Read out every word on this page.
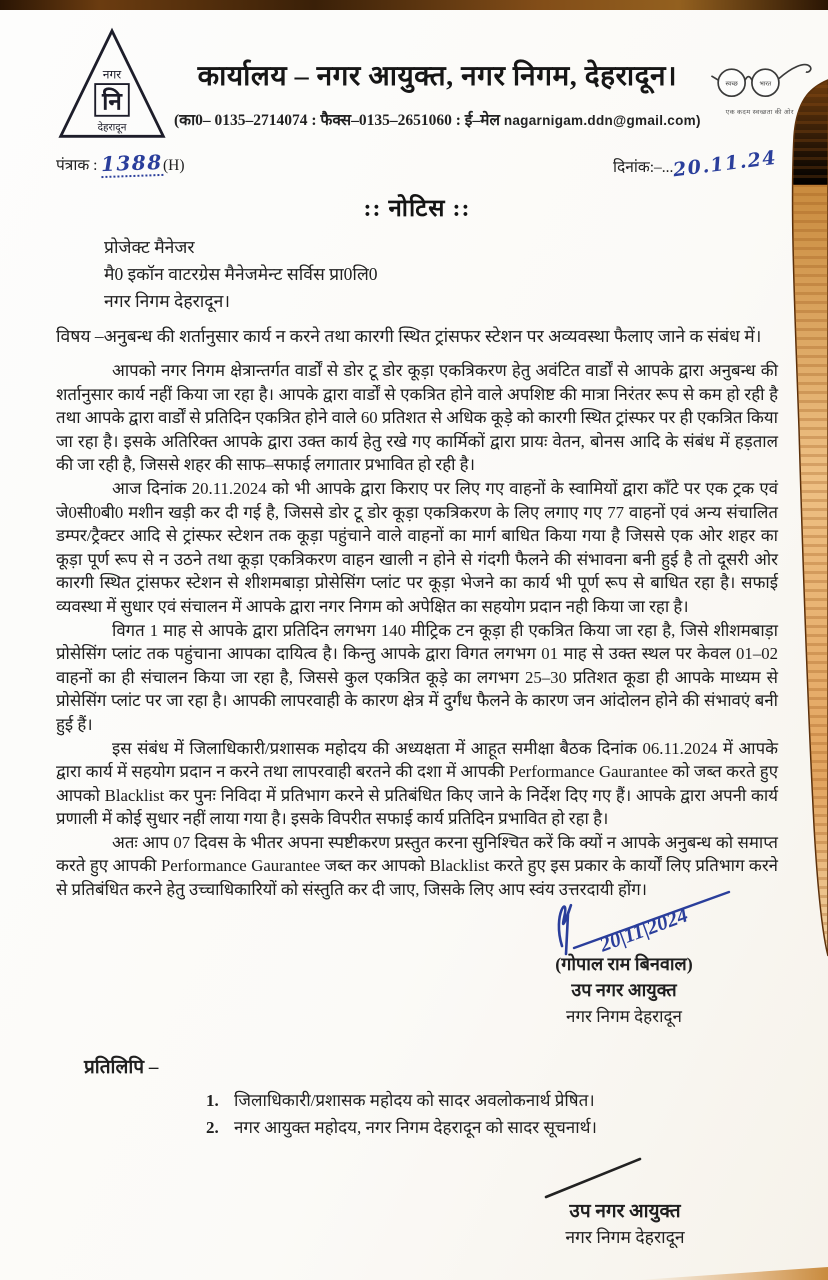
नगर
नि
देहरादून
कार्यालय – नगर आयुक्त, नगर निगम, देहरादून।
(का0– 0135–2714074 : फैक्स–0135–2651060 : ई–मेल nagarnigam.ddn@gmail.com)
स्वच्छ भारत
एक कदम स्वच्छता की ओर
पंत्राक : 1388(H)	दिनांक:–...20.11.24
:: नोटिस ::
प्रोजेक्ट मैनेजर
मै0 इकॉन वाटरग्रेस मैनेजमेन्ट सर्विस प्रा0लि0
नगर निगम देहरादून।
विषय –अनुबन्ध की शर्तानुसार कार्य न करने तथा कारगी स्थित ट्रांसफर स्टेशन पर अव्यवस्था फैलाए जाने क संबंध में।

आपको नगर निगम क्षेत्रान्तर्गत वार्डों से डोर टू डोर कूड़ा एकत्रिकरण हेतु अवंटित वार्डों से आपके द्वारा अनुबन्ध की शर्तानुसार कार्य नहीं किया जा रहा है। आपके द्वारा वार्डों से एकत्रित होने वाले अपशिष्ट की मात्रा निरंतर रूप से कम हो रही है तथा आपके द्वारा वार्डों से प्रतिदिन एकत्रित होने वाले 60 प्रतिशत से अधिक कूड़े को कारगी स्थित ट्रांस्फर पर ही एकत्रित किया जा रहा है। इसके अतिरिक्त आपके द्वारा उक्त कार्य हेतु रखे गए कार्मिकों द्वारा प्रायः वेतन, बोनस आदि के संबंध में हड़ताल की जा रही है, जिससे शहर की साफ–सफाई लगातार प्रभावित हो रही है।

आज दिनांक 20.11.2024 को भी आपके द्वारा किराए पर लिए गए वाहनों के स्वामियों द्वारा काँटे पर एक ट्रक एवं जे0सी0बी0 मशीन खड़ी कर दी गई है, जिससे डोर टू डोर कूड़ा एकत्रिकरण के लिए लगाए गए 77 वाहनों एवं अन्य संचालित डम्पर/ट्रैक्टर आदि से ट्रांस्फर स्टेशन तक कूड़ा पहुंचाने वाले वाहनों का मार्ग बाधित किया गया है जिससे एक ओर शहर का कूड़ा पूर्ण रूप से न उठने तथा कूड़ा एकत्रिकरण वाहन खाली न होने से गंदगी फैलने की संभावना बनी हुई है तो दूसरी ओर कारगी स्थित ट्रांसफर स्टेशन से शीशमबाड़ा प्रोसेसिंग प्लांट पर कूड़ा भेजने का कार्य भी पूर्ण रूप से बाधित रहा है। सफाई व्यवस्था में सुधार एवं संचालन में आपके द्वारा नगर निगम को अपेक्षित का सहयोग प्रदान नही किया जा रहा है।

विगत 1 माह से आपके द्वारा प्रतिदिन लगभग 140 मीट्रिक टन कूड़ा ही एकत्रित किया जा रहा है, जिसे शीशमबाड़ा प्रोसेसिंग प्लांट तक पहुंचाना आपका दायित्व है। किन्तु आपके द्वारा विगत लगभग 01 माह से उक्त स्थल पर केवल 01–02 वाहनों का ही संचालन किया जा रहा है, जिससे कुल एकत्रित कूड़े का लगभग 25–30 प्रतिशत कूडा ही आपके माध्यम से प्रोसेसिंग प्लांट पर जा रहा है। आपकी लापरवाही के कारण क्षेत्र में दुर्गंध फैलने के कारण जन आंदोलन होने की संभावएं बनी हुई हैं।

इस संबंध में जिलाधिकारी/प्रशासक महोदय की अध्यक्षता में आहूत समीक्षा बैठक दिनांक 06.11.2024 में आपके द्वारा कार्य में सहयोग प्रदान न करने तथा लापरवाही बरतने की दशा में आपकी Performance Gaurantee को जब्त करते हुए आपको Blacklist कर पुनः निविदा में प्रतिभाग करने से प्रतिबंधित किए जाने के निर्देश दिए गए हैं। आपके द्वारा अपनी कार्य प्रणाली में कोई सुधार नहीं लाया गया है। इसके विपरीत सफाई कार्य प्रतिदिन प्रभावित हो रहा है।

अतः आप 07 दिवस के भीतर अपना स्पष्टीकरण प्रस्तुत करना सुनिश्चित करें कि क्यों न आपके अनुबन्ध को समाप्त करते हुए आपकी Performance Gaurantee जब्त कर आपको Blacklist करते हुए इस प्रकार के कार्यों लिए प्रतिभाग करने से प्रतिबंधित करने हेतु उच्चाधिकारियों को संस्तुति कर दी जाए, जिसके लिए आप स्वंय उत्तरदायी होंग।

20|11|2024
(गोपाल राम बिनवाल)
उप नगर आयुक्त
नगर निगम देहरादून
प्रतिलिपि –
1. जिलाधिकारी/प्रशासक महोदय को सादर अवलोकनार्थ प्रेषित।
2. नगर आयुक्त महोदय, नगर निगम देहरादून को सादर सूचनार्थ।
उप नगर आयुक्त
नगर निगम देहरादून
